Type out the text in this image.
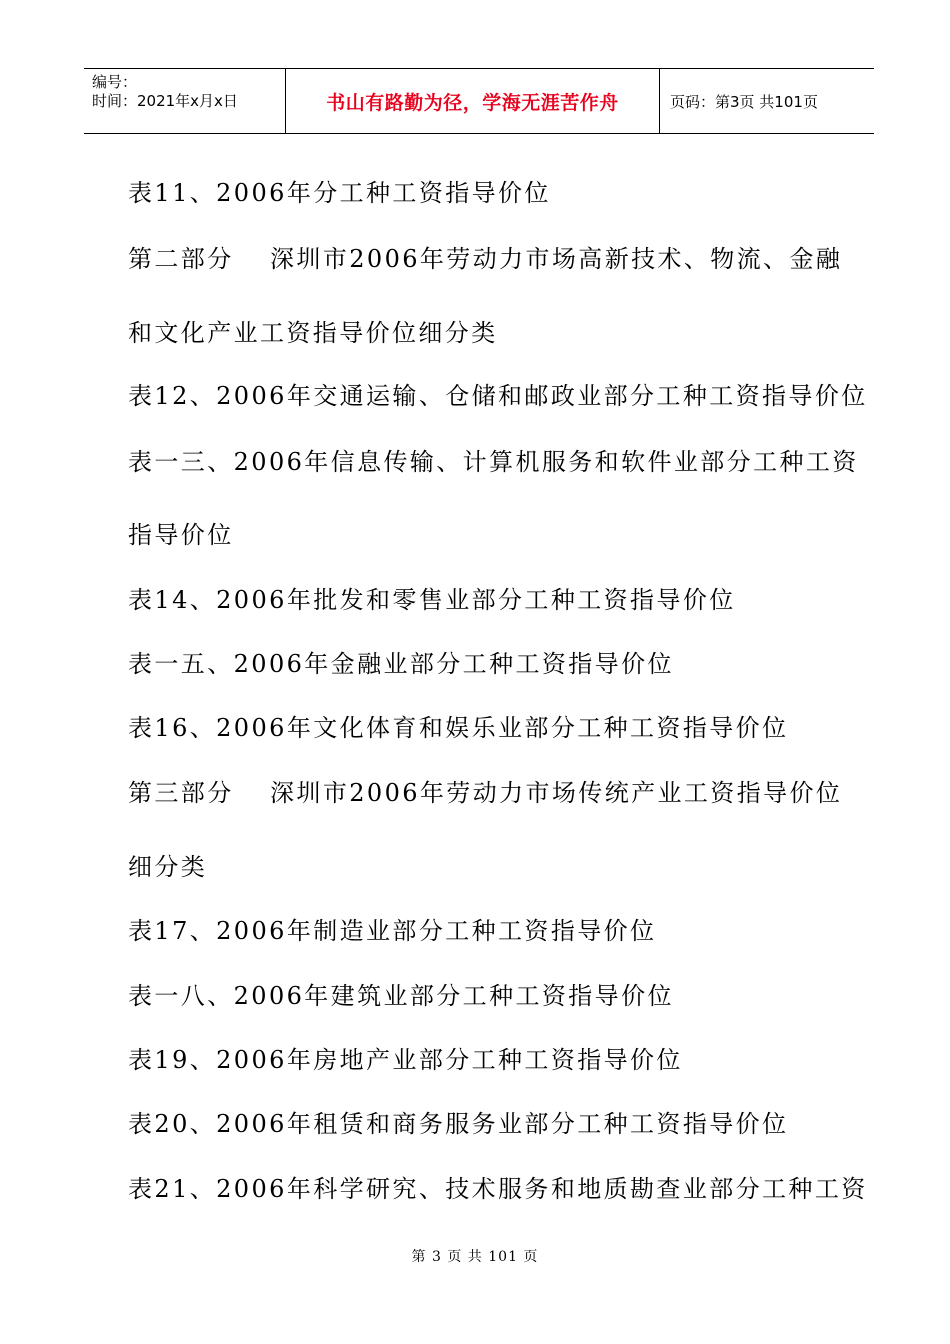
编号：
时间：2021年x月x日	书山有路勤为径，学海无涯苦作舟	页码：第3页 共101页
表11、2006年分工种工资指导价位
第二部分　 深圳市2006年劳动力市场高新技术、物流、金融
和文化产业工资指导价位细分类
表12、2006年交通运输、仓储和邮政业部分工种工资指导价位
表一三、2006年信息传输、计算机服务和软件业部分工种工资
指导价位
表14、2006年批发和零售业部分工种工资指导价位
表一五、2006年金融业部分工种工资指导价位
表16、2006年文化体育和娱乐业部分工种工资指导价位
第三部分　 深圳市2006年劳动力市场传统产业工资指导价位
细分类
表17、2006年制造业部分工种工资指导价位
表一八、2006年建筑业部分工种工资指导价位
表19、2006年房地产业部分工种工资指导价位
表20、2006年租赁和商务服务业部分工种工资指导价位
表21、2006年科学研究、技术服务和地质勘查业部分工种工资
第 3 页 共 101 页
